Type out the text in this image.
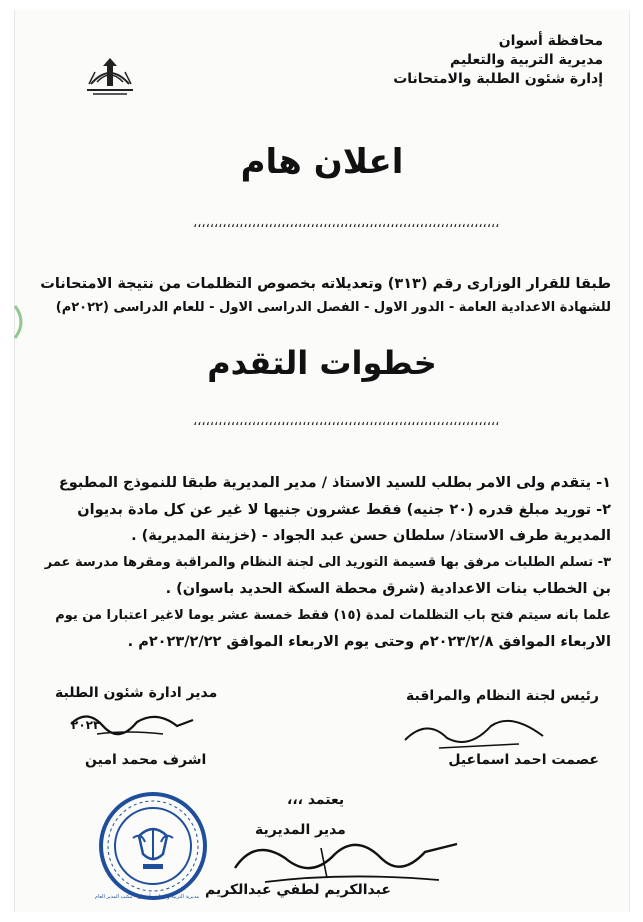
محافظة أسوان
مديرية التربية والتعليم
إدارة شئون الطلبة والامتحانات
اعلان هام
،،،،،،،،،،،،،،،،،،،،،،،،،،،،،،،،،،،،،،،،،،،،،،،،،،،،،،،،،،،،،،،،،،،،،،،،،

طبقا للقرار الوزارى رقم (٣١٣) وتعديلاته بخصوص التظلمات من نتيجة الامتحانات

للشهادة الاعدادية العامة - الدور الاول - الفصل الدراسى الاول - للعام الدراسى (٢٠٢٢م)

خطوات التقدم
،،،،،،،،،،،،،،،،،،،،،،،،،،،،،،،،،،،،،،،،،،،،،،،،،،،،،،،،،،،،،،،،،،،،،،،،،

١- يتقدم ولى الامر بطلب للسيد الاستاذ / مدير المديرية طبقا للنموذج المطبوع

٢- توريد مبلغ قدره (٢٠ جنيه) فقط عشرون جنيها لا غير عن كل مادة بديوان

المديرية طرف الاستاذ/ سلطان حسن عبد الجواد - (خزينة المديرية) .

٣- تسلم الطلبات مرفق بها قسيمة التوريد الى لجنة النظام والمراقبة ومقرها مدرسة عمر

بن الخطاب بنات الاعدادية (شرق محطة السكة الحديد باسوان) .

علما بانه سيتم فتح باب التظلمات لمدة (١٥) فقط خمسة عشر يوما لاغير اعتبارا من يوم

الاربعاء الموافق ٢٠٢٣/٢/٨م وحتى يوم الاربعاء الموافق ٢٠٢٣/٢/٢٢م .

رئيس لجنة النظام والمراقبة
مدير ادارة شئون الطلبة
٢٠٢٣
اشرف محمد امين	عصمت احمد اسماعيل
يعتمد ،،،
مدير المديرية
عبدالكريم لطفي عبدالكريم
مديرية التربية والتعليم بأسوان - مكتب المدير العام
